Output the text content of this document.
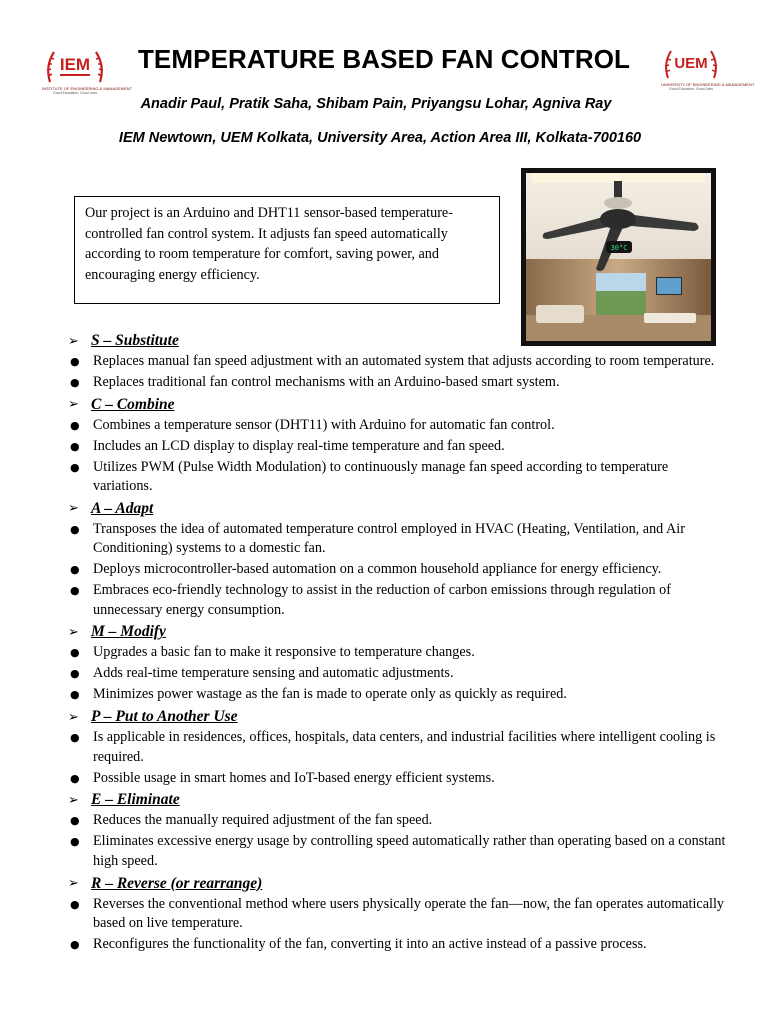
IEM
INSTITUTE OF ENGINEERING & MANAGEMENT
Good Education, Good Jobs
TEMPERATURE BASED FAN CONTROL	UEM
UNIVERSITY OF ENGINEERING & MANAGEMENT
Good Education, Good Jobs
Anadir Paul, Pratik Saha, Shibam Pain, Priyangsu Lohar, Agniva Ray
IEM Newtown, UEM Kolkata, University Area, Action Area III, Kolkata-700160
Our project is an Arduino and DHT11 sensor-based temperature-controlled fan control system. It adjusts fan speed automatically according to room temperature for comfort, saving power, and encouraging energy efficiency.
30°C
➢ S – Substitute
● Replaces manual fan speed adjustment with an automated system that adjusts according to room temperature.
● Replaces traditional fan control mechanisms with an Arduino-based smart system.
➢ C – Combine
● Combines a temperature sensor (DHT11) with Arduino for automatic fan control.
● Includes an LCD display to display real-time temperature and fan speed.
● Utilizes PWM (Pulse Width Modulation) to continuously manage fan speed according to temperature variations.
➢ A – Adapt
● Transposes the idea of automated temperature control employed in HVAC (Heating, Ventilation, and Air Conditioning) systems to a domestic fan.
● Deploys microcontroller-based automation on a common household appliance for energy efficiency.
● Embraces eco-friendly technology to assist in the reduction of carbon emissions through regulation of unnecessary energy consumption.
➢ M – Modify
● Upgrades a basic fan to make it responsive to temperature changes.
● Adds real-time temperature sensing and automatic adjustments.
● Minimizes power wastage as the fan is made to operate only as quickly as required.
➢ P – Put to Another Use
● Is applicable in residences, offices, hospitals, data centers, and industrial facilities where intelligent cooling is required.
● Possible usage in smart homes and IoT-based energy efficient systems.
➢ E – Eliminate
● Reduces the manually required adjustment of the fan speed.
● Eliminates excessive energy usage by controlling speed automatically rather than operating based on a constant high speed.
➢ R – Reverse (or rearrange)
● Reverses the conventional method where users physically operate the fan—now, the fan operates automatically based on live temperature.
● Reconfigures the functionality of the fan, converting it into an active instead of a passive process.
